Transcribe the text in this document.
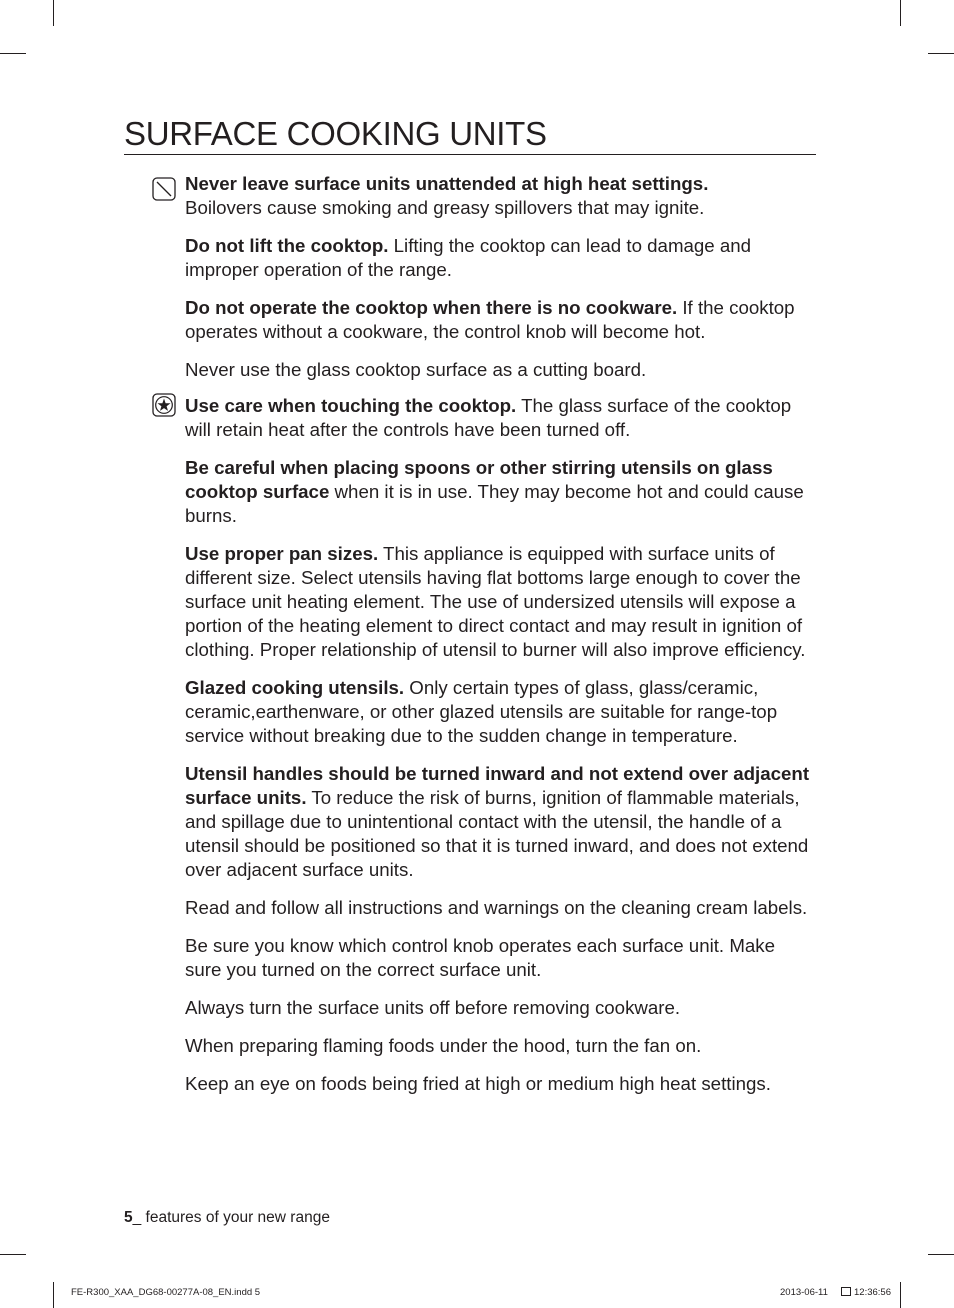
SURFACE COOKING UNITS

Never leave surface units unattended at high heat settings.
Boilovers cause smoking and greasy spillovers that may ignite.

Do not lift the cooktop. Lifting the cooktop can lead to damage and improper operation of the range.

Do not operate the cooktop when there is no cookware. If the cooktop operates without a cookware, the control knob will become hot.

Never use the glass cooktop surface as a cutting board.

Use care when touching the cooktop. The glass surface of the cooktop will retain heat after the controls have been turned off.

Be careful when placing spoons or other stirring utensils on glass cooktop surface when it is in use. They may become hot and could cause burns.

Use proper pan sizes. This appliance is equipped with surface units of different size. Select utensils having flat bottoms large enough to cover the surface unit heating element. The use of undersized utensils will expose a portion of the heating element to direct contact and may result in ignition of clothing. Proper relationship of utensil to burner will also improve efficiency.

Glazed cooking utensils. Only certain types of glass, glass/ceramic, ceramic,earthenware, or other glazed utensils are suitable for range-top service without breaking due to the sudden change in temperature.

Utensil handles should be turned inward and not extend over adjacent surface units. To reduce the risk of burns, ignition of flammable materials, and spillage due to unintentional contact with the utensil, the handle of a utensil should be positioned so that it is turned inward, and does not extend over adjacent surface units.

Read and follow all instructions and warnings on the cleaning cream labels.

Be sure you know which control knob operates each surface unit. Make sure you turned on the correct surface unit.

Always turn the surface units off before removing cookware.

When preparing flaming foods under the hood, turn the fan on.

Keep an eye on foods being fried at high or medium high heat settings.

5_ features of your new range
FE-R300_XAA_DG68-00277A-08_EN.indd 5	2013-06-11	12:36:56
